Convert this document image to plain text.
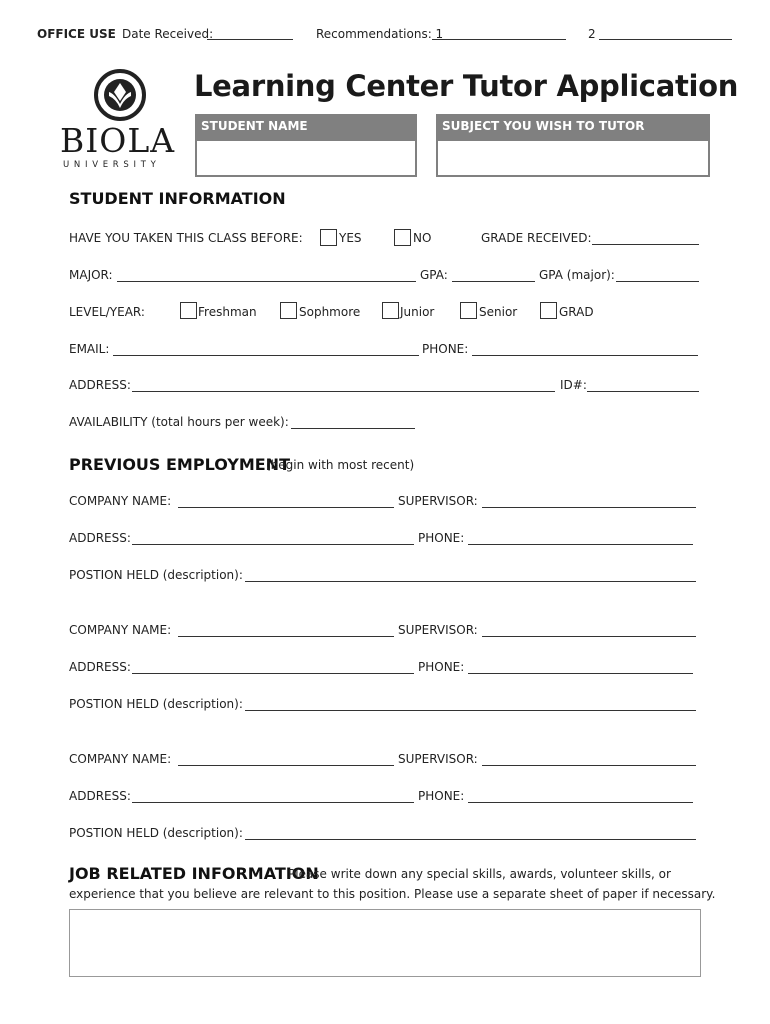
OFFICE USE Date Received:	Recommendations: 1	2
BIOLA
U N I V E R S I T Y
Learning Center Tutor Application
STUDENT NAME	SUBJECT YOU WISH TO TUTOR
STUDENT INFORMATION
HAVE YOU TAKEN THIS CLASS BEFORE:	YES	NO	GRADE RECEIVED:
MAJOR:	GPA:	GPA (major):
LEVEL/YEAR:	Freshman	Sophmore	Junior	Senior	GRAD
EMAIL:	PHONE:
ADDRESS:	ID#:
AVAILABILITY (total hours per week):
PREVIOUS EMPLOYMENT
(begin with most recent)
COMPANY NAME:	SUPERVISOR:
ADDRESS:	PHONE:
POSTION HELD (description):
COMPANY NAME:	SUPERVISOR:
ADDRESS:	PHONE:
POSTION HELD (description):
COMPANY NAME:	SUPERVISOR:
ADDRESS:	PHONE:
POSTION HELD (description):
JOB RELATED INFORMATION
Please write down any special skills, awards, volunteer skills, or
experience that you believe are relevant to this position. Please use a separate sheet of paper if necessary.
